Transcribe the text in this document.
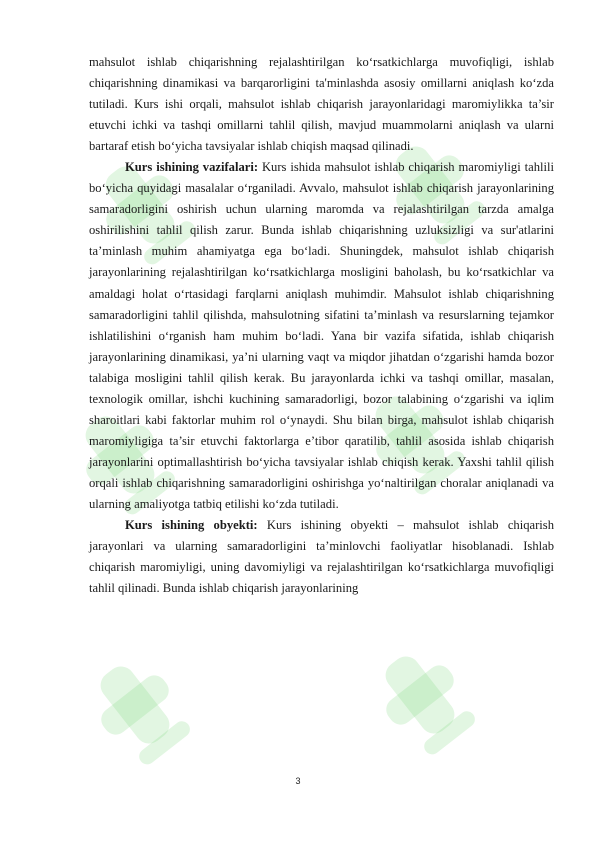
mahsulot ishlab chiqarishning rejalashtirilgan ko‘rsatkichlarga muvofiqligi, ishlab chiqarishning dinamikasi va barqarorligini ta'minlashda asosiy omillarni aniqlash ko‘zda tutiladi. Kurs ishi orqali, mahsulot ishlab chiqarish jarayonlaridagi maromiylikka ta’sir etuvchi ichki va tashqi omillarni tahlil qilish, mavjud muammolarni aniqlash va ularni bartaraf etish bo‘yicha tavsiyalar ishlab chiqish maqsad qilinadi.

Kurs ishining vazifalari: Kurs ishida mahsulot ishlab chiqarish maromiyligi tahlili bo‘yicha quyidagi masalalar o‘rganiladi. Avvalo, mahsulot ishlab chiqarish jarayonlarining samaradorligini oshirish uchun ularning maromda va rejalashtirilgan tarzda amalga oshirilishini tahlil qilish zarur. Bunda ishlab chiqarishning uzluksizligi va sur'atlarini ta’minlash muhim ahamiyatga ega bo‘ladi. Shuningdek, mahsulot ishlab chiqarish jarayonlarining rejalashtirilgan ko‘rsatkichlarga mosligini baholash, bu ko‘rsatkichlar va amaldagi holat o‘rtasidagi farqlarni aniqlash muhimdir. Mahsulot ishlab chiqarishning samaradorligini tahlil qilishda, mahsulotning sifatini ta’minlash va resurslarning tejamkor ishlatilishini o‘rganish ham muhim bo‘ladi. Yana bir vazifa sifatida, ishlab chiqarish jarayonlarining dinamikasi, ya’ni ularning vaqt va miqdor jihatdan o‘zgarishi hamda bozor talabiga mosligini tahlil qilish kerak. Bu jarayonlarda ichki va tashqi omillar, masalan, texnologik omillar, ishchi kuchining samaradorligi, bozor talabining o‘zgarishi va iqlim sharoitlari kabi faktorlar muhim rol o‘ynaydi. Shu bilan birga, mahsulot ishlab chiqarish maromiyligiga ta’sir etuvchi faktorlarga e’tibor qaratilib, tahlil asosida ishlab chiqarish jarayonlarini optimallashtirish bo‘yicha tavsiyalar ishlab chiqish kerak. Yaxshi tahlil qilish orqali ishlab chiqarishning samaradorligini oshirishga yo‘naltirilgan choralar aniqlanadi va ularning amaliyotga tatbiq etilishi ko‘zda tutiladi.

Kurs ishining obyekti: Kurs ishining obyekti – mahsulot ishlab chiqarish jarayonlari va ularning samaradorligini ta’minlovchi faoliyatlar hisoblanadi. Ishlab chiqarish maromiyligi, uning davomiyligi va rejalashtirilgan ko‘rsatkichlarga muvofiqligi tahlil qilinadi. Bunda ishlab chiqarish jarayonlarining

3
